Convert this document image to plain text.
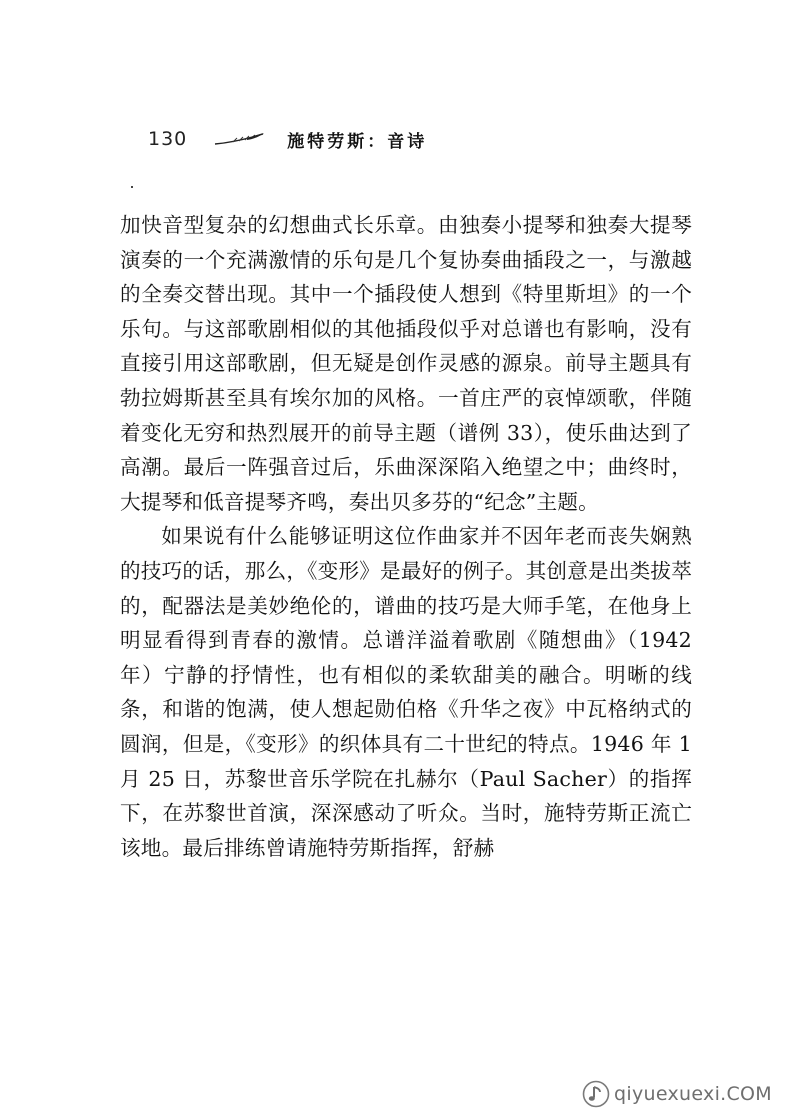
130	施特劳斯：音诗

加快音型复杂的幻想曲式长乐章。由独奏小提琴和独奏大提琴演奏的一个充满激情的乐句是几个复协奏曲插段之一，与激越的全奏交替出现。其中一个插段使人想到《特里斯坦》的一个乐句。与这部歌剧相似的其他插段似乎对总谱也有影响，没有直接引用这部歌剧，但无疑是创作灵感的源泉。前导主题具有勃拉姆斯甚至具有埃尔加的风格。一首庄严的哀悼颂歌，伴随着变化无穷和热烈展开的前导主题（谱例 33），使乐曲达到了高潮。最后一阵强音过后，乐曲深深陷入绝望之中；曲终时，大提琴和低音提琴齐鸣，奏出贝多芬的“纪念”主题。

如果说有什么能够证明这位作曲家并不因年老而丧失娴熟的技巧的话，那么，《变形》是最好的例子。其创意是出类拔萃的，配器法是美妙绝伦的，谱曲的技巧是大师手笔，在他身上明显看得到青春的激情。总谱洋溢着歌剧《随想曲》（1942 年）宁静的抒情性，也有相似的柔软甜美的融合。明晰的线条，和谐的饱满，使人想起勋伯格《升华之夜》中瓦格纳式的圆润，但是，《变形》的织体具有二十世纪的特点。1946 年 1 月 25 日，苏黎世音乐学院在扎赫尔（Paul Sacher）的指挥下，在苏黎世首演，深深感动了听众。当时，施特劳斯正流亡该地。最后排练曾请施特劳斯指挥，舒赫

qiyuexuexi.COM
